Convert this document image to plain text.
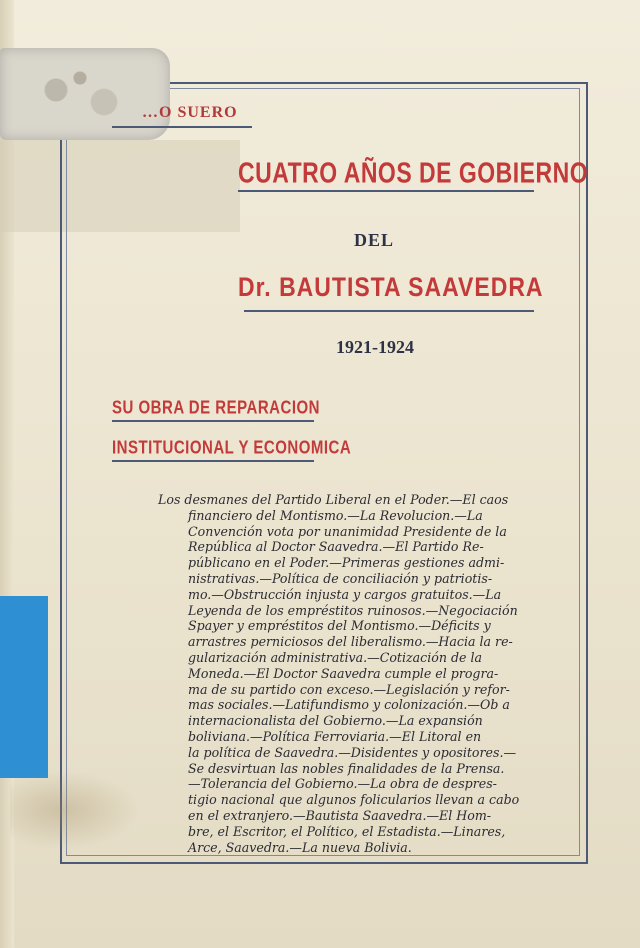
…O SUERO
CUATRO AÑOS DE GOBIERNO
DEL
Dr. BAUTISTA SAAVEDRA
1921-1924
SU OBRA DE REPARACION
INSTITUCIONAL Y ECONOMICA

Los desmanes del Partido Liberal en el Poder.—El caos
financiero del Montismo.—La Revolucion.—La
Convención vota por unanimidad Presidente de la
República al Doctor Saavedra.—El Partido Re-
públicano en el Poder.—Primeras gestiones admi-
nistrativas.—Política de conciliación y patriotis-
mo.—Obstrucción injusta y cargos gratuitos.—La
Leyenda de los empréstitos ruinosos.—Negociación
Spayer y empréstitos del Montismo.—Déficits y
arrastres perniciosos del liberalismo.—Hacia la re-
gularización administrativa.—Cotización de la
Moneda.—El Doctor Saavedra cumple el progra-
ma de su partido con exceso.—Legislación y refor-
mas sociales.—Latifundismo y colonización.—Ob a
internacionalista del Gobierno.—La expansión
boliviana.—Política Ferroviaria.—El Litoral en
la política de Saavedra.—Disidentes y opositores.—
Se desvirtuan las nobles finalidades de la Prensa.
—Tolerancia del Gobierno.—La obra de despres-
tigio nacional que algunos folicularios llevan a cabo
en el extranjero.—Bautista Saavedra.—El Hom-
bre, el Escritor, el Político, el Estadista.—Linares,
Arce, Saavedra.—La nueva Bolivia.
